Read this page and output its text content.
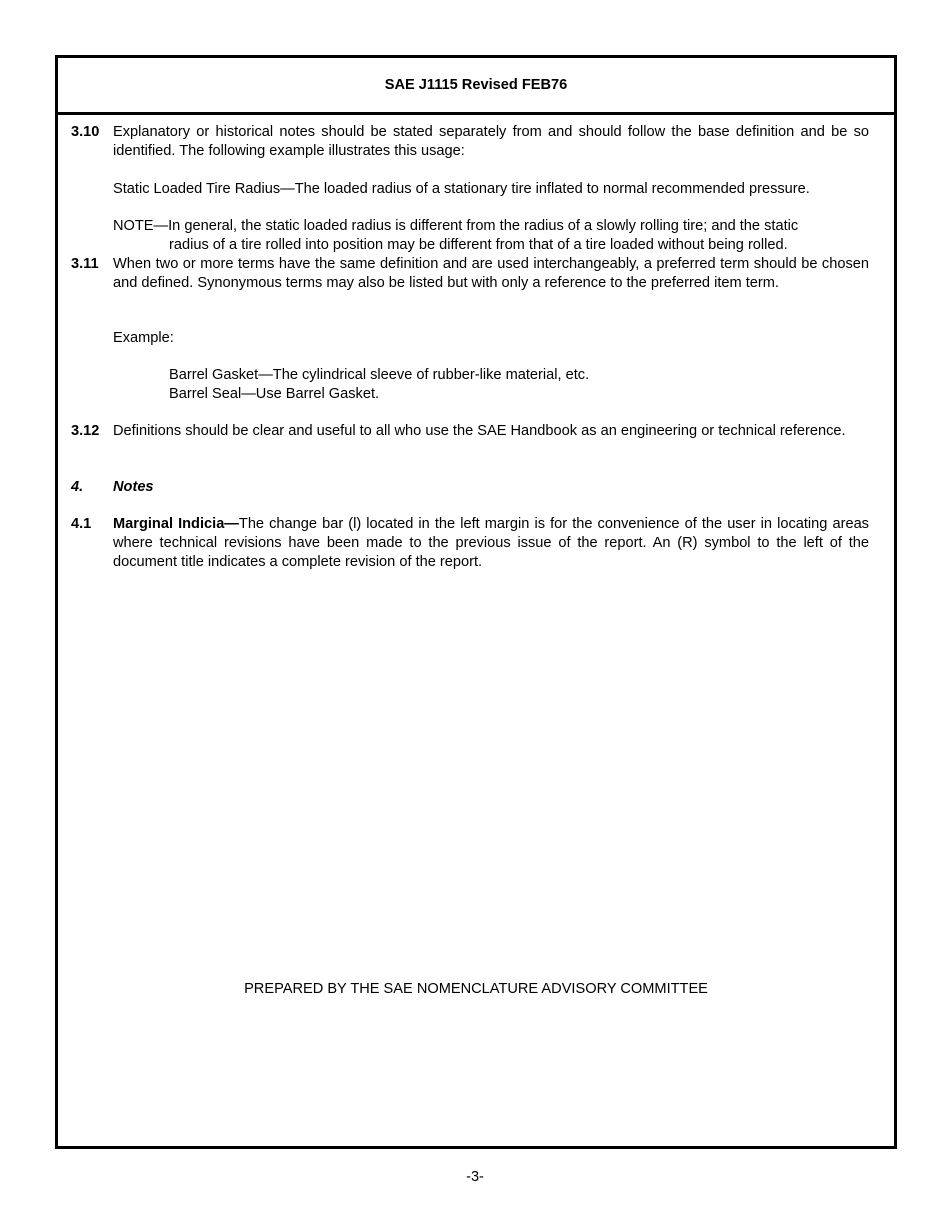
SAE J1115 Revised FEB76
3.10 Explanatory or historical notes should be stated separately from and should follow the base definition and be so identified. The following example illustrates this usage:
Static Loaded Tire Radius—The loaded radius of a stationary tire inflated to normal recommended pressure.
NOTE—In general, the static loaded radius is different from the radius of a slowly rolling tire; and the static
radius of a tire rolled into position may be different from that of a tire loaded without being rolled.
3.11 When two or more terms have the same definition and are used interchangeably, a preferred term should be chosen and defined. Synonymous terms may also be listed but with only a reference to the preferred item term.
Example:
Barrel Gasket—The cylindrical sleeve of rubber-like material, etc.
Barrel Seal—Use Barrel Gasket.
3.12 Definitions should be clear and useful to all who use the SAE Handbook as an engineering or technical reference.
4.	Notes
4.1	Marginal Indicia—The change bar (l) located in the left margin is for the convenience of the user in locating areas where technical revisions have been made to the previous issue of the report. An (R) symbol to the left of the document title indicates a complete revision of the report.
PREPARED BY THE SAE NOMENCLATURE ADVISORY COMMITTEE
-3-
